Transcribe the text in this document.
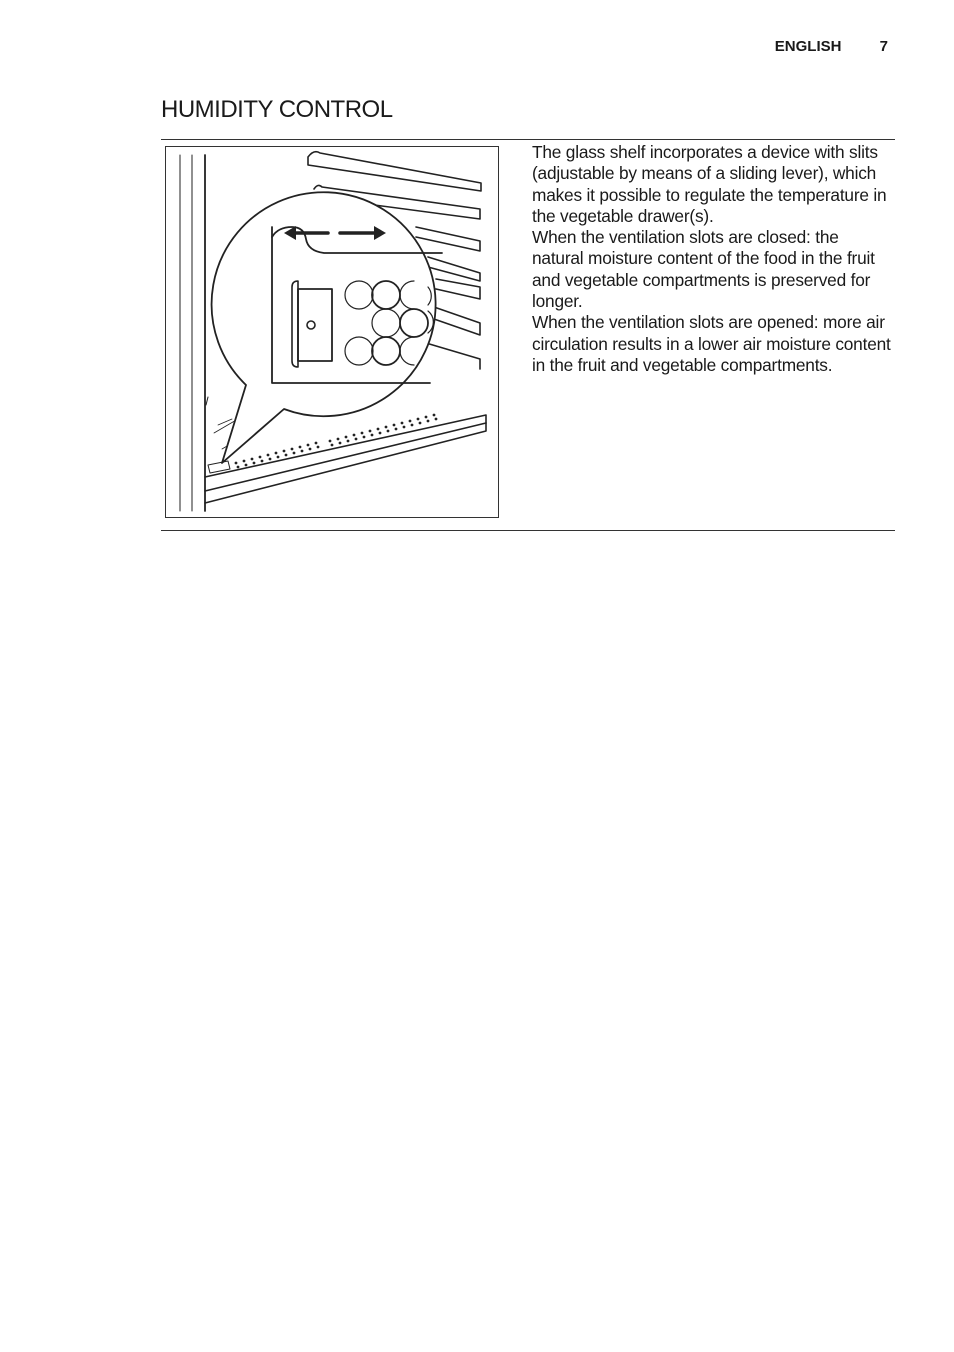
ENGLISH	7
HUMIDITY CONTROL

The glass shelf incorporates a device with slits (adjustable by means of a sliding lever), which makes it possible to regulate the temperature in the vegetable drawer(s).

When the ventilation slots are closed: the natural moisture content of the food in the fruit and vegetable compartments is preserved for longer.

When the ventilation slots are opened: more air circulation results in a lower air moisture content in the fruit and vegetable compartments.
